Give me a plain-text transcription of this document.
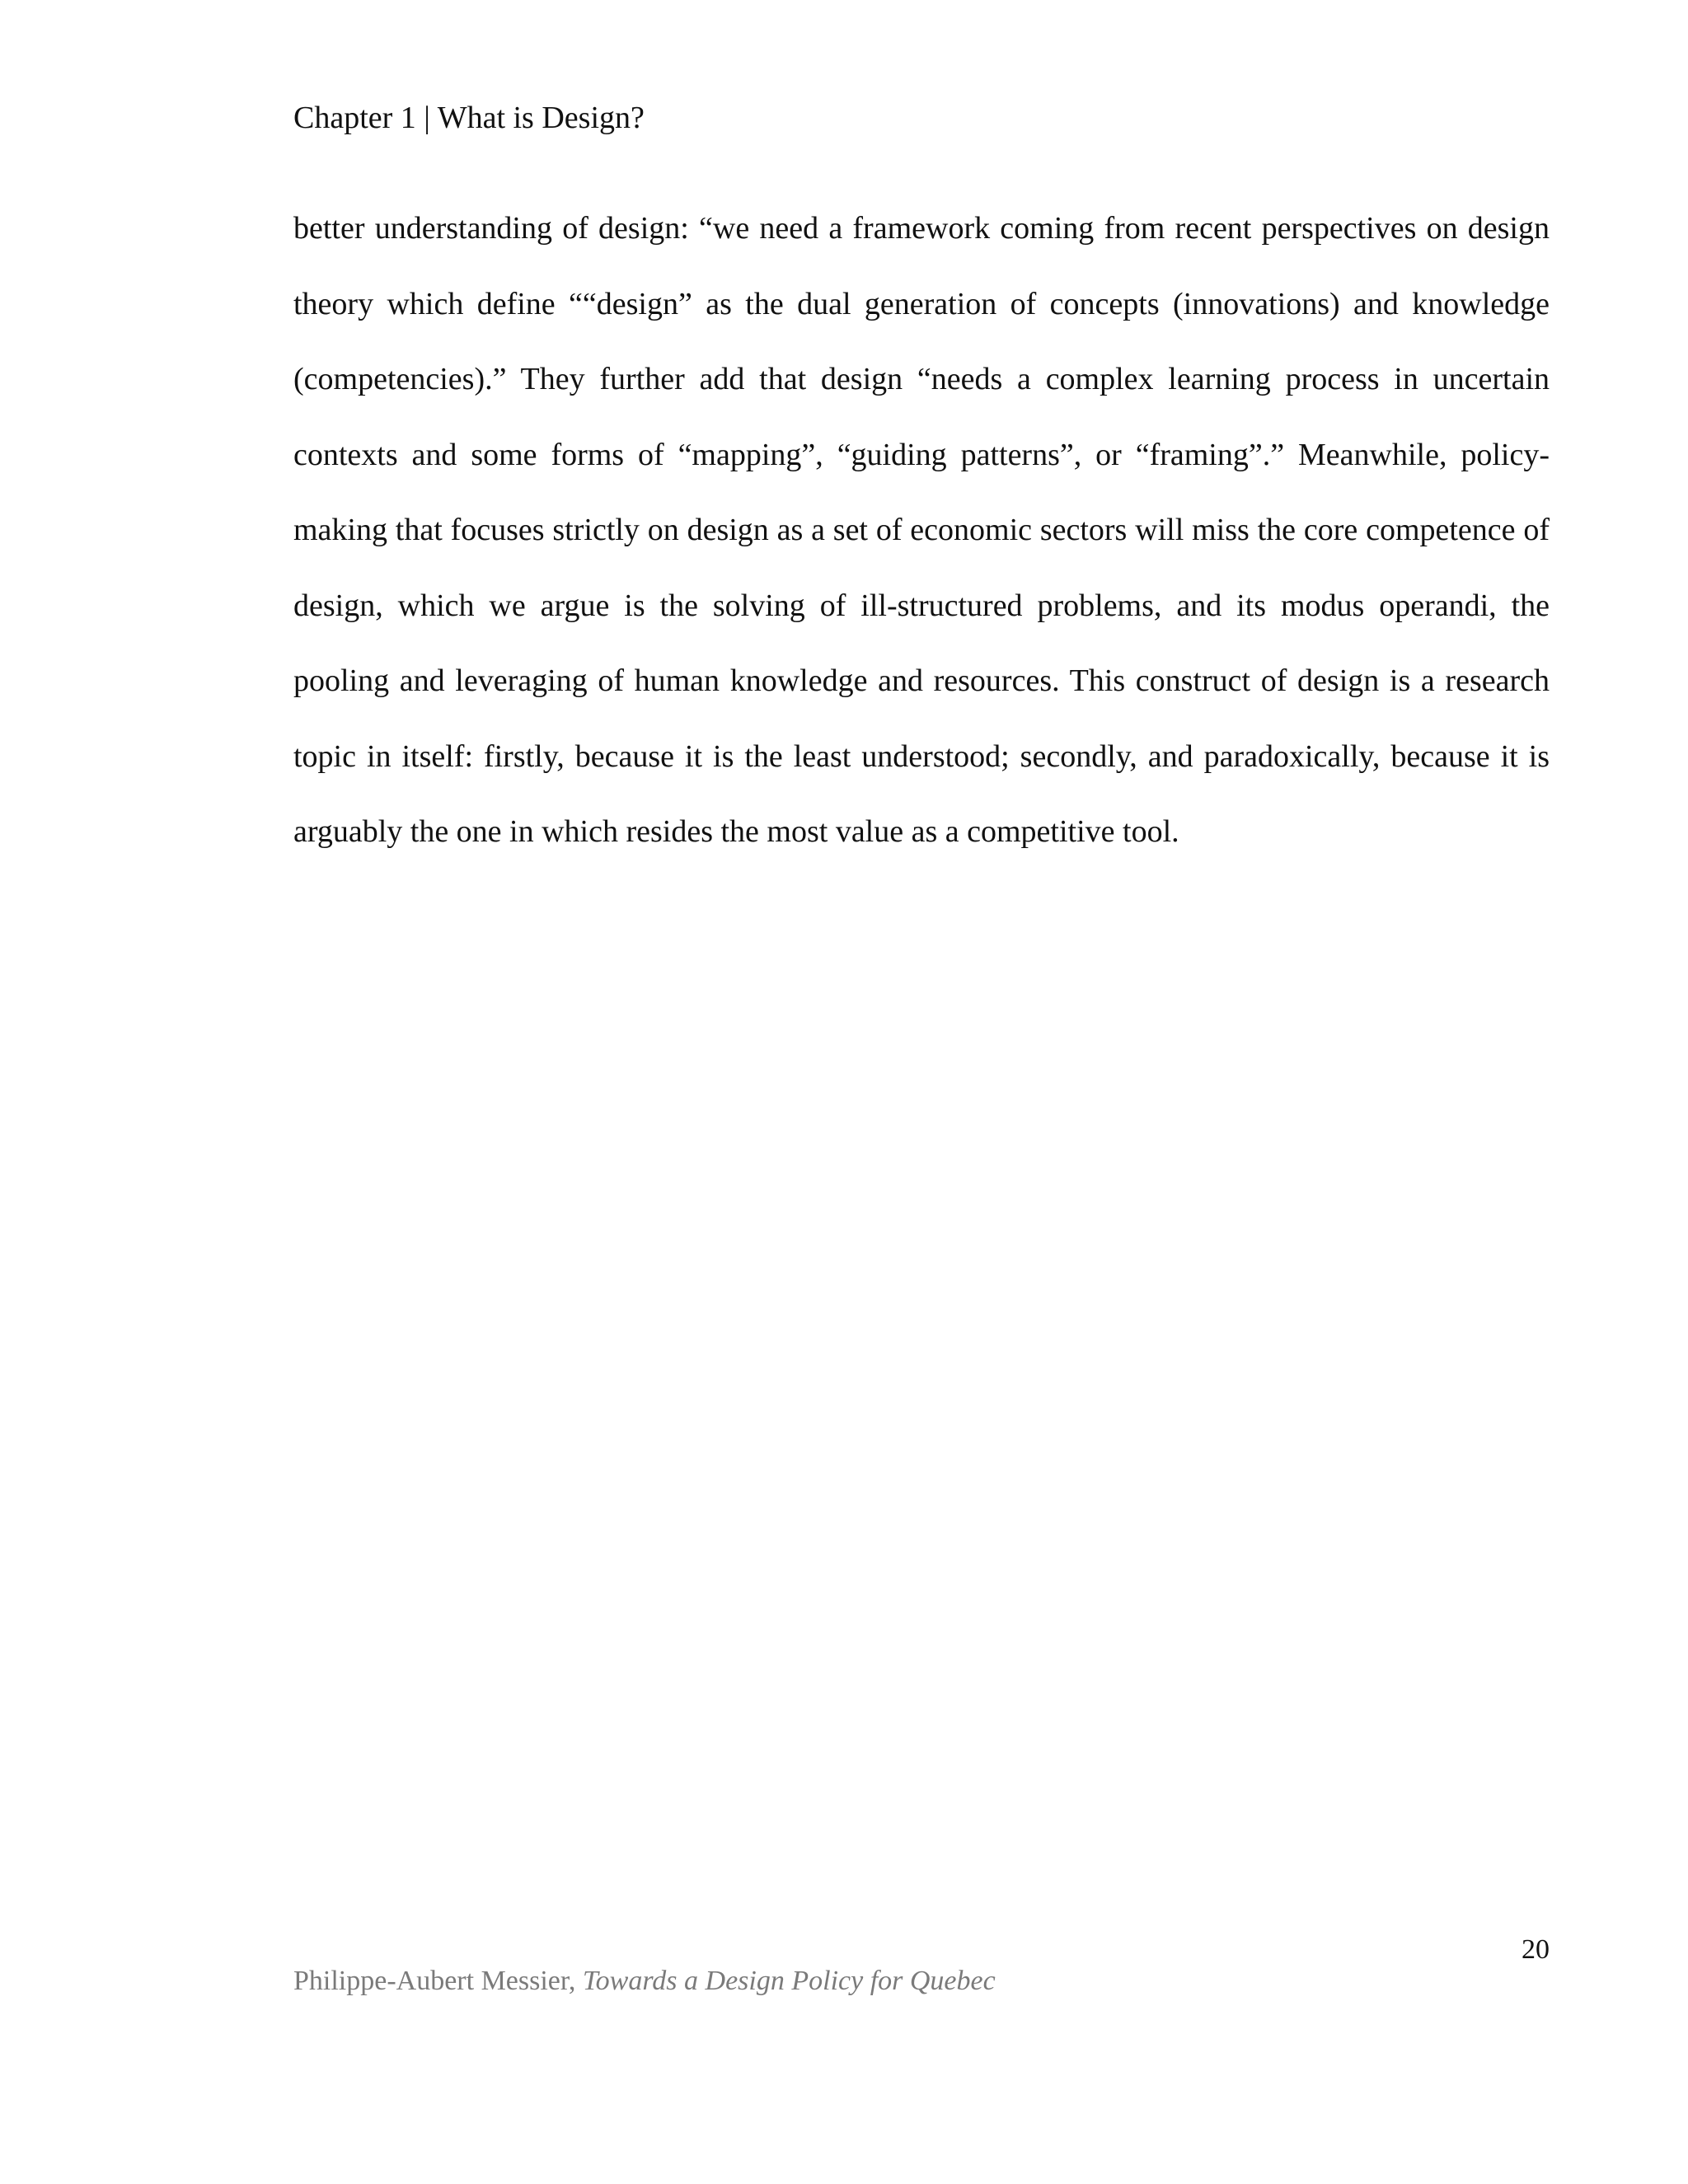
Chapter 1 | What is Design?

better understanding of design: “we need a framework coming from recent perspectives on design theory which define ““design” as the dual generation of concepts (innovations) and knowledge (competencies).” They further add that design “needs a complex learning process in uncertain contexts and some forms of “mapping”, “guiding patterns”, or “framing”.” Meanwhile, policy-making that focuses strictly on design as a set of economic sectors will miss the core competence of design, which we argue is the solving of ill-structured problems, and its modus operandi, the pooling and leveraging of human knowledge and resources. This construct of design is a research topic in itself: firstly, because it is the least understood; secondly, and paradoxically, because it is arguably the one in which resides the most value as a competitive tool.

20
Philippe-Aubert Messier, Towards a Design Policy for Quebec
